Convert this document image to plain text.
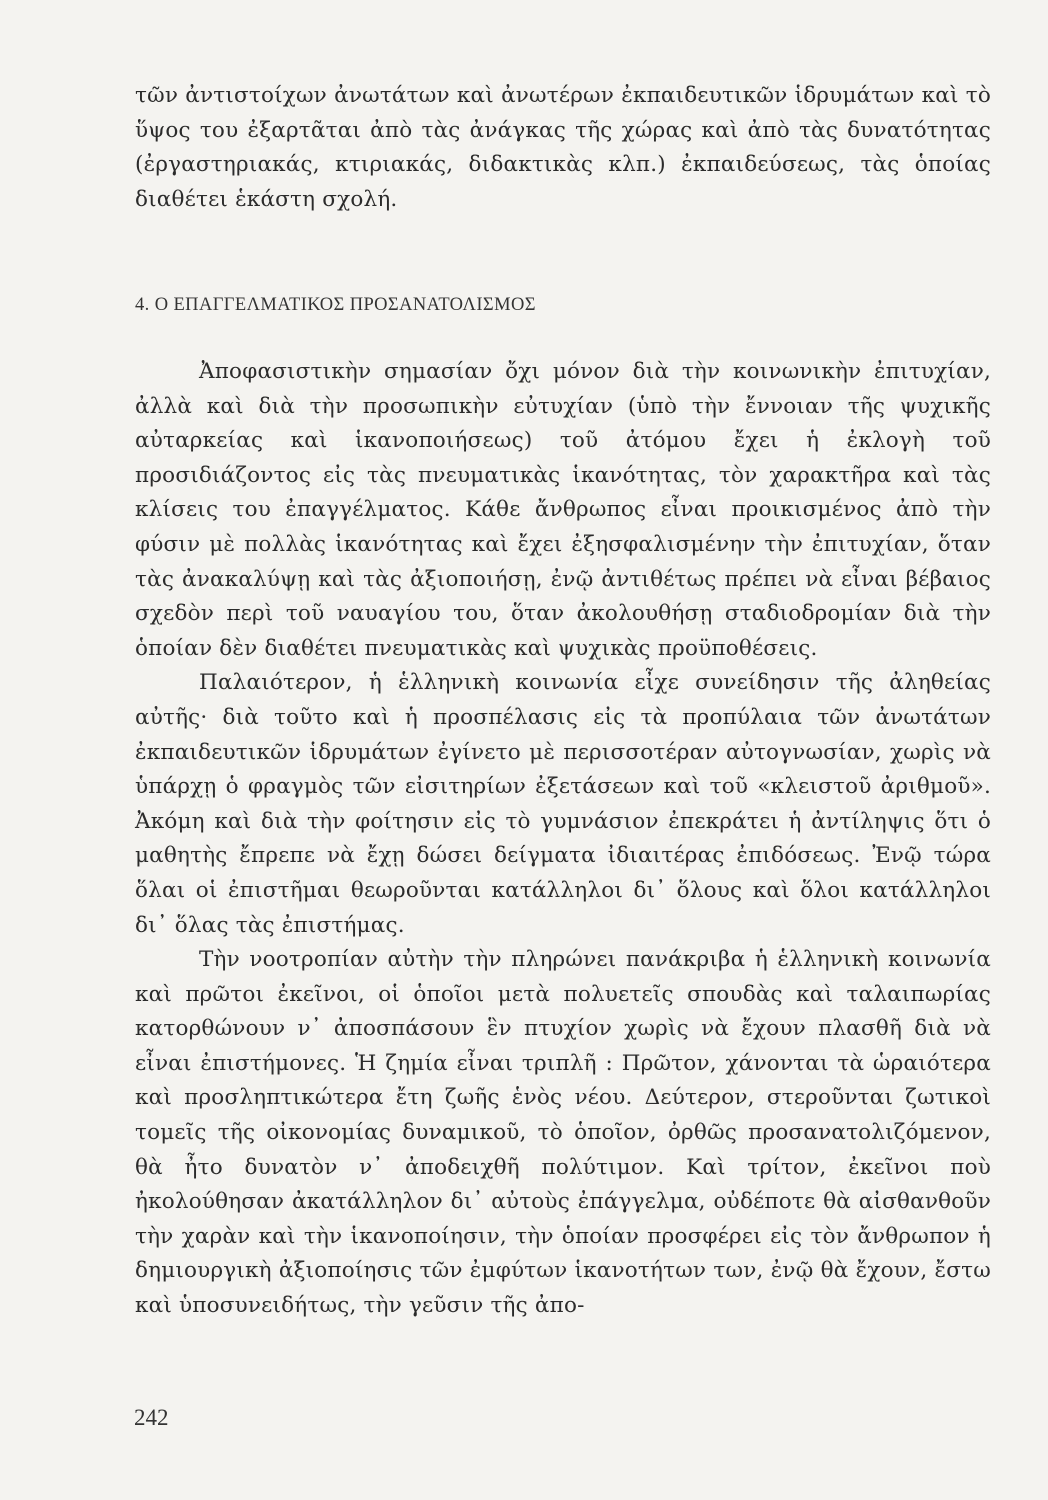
τῶν ἀντιστοίχων ἀνωτάτων καὶ ἀνωτέρων ἐκπαιδευτικῶν ἱδρυμάτων καὶ τὸ ὕψος του ἐξαρτᾶται ἀπὸ τὰς ἀνάγκας τῆς χώρας καὶ ἀπὸ τὰς δυνατότητας (ἐργαστηριακάς, κτιριακάς, διδακτικὰς κλπ.) ἐκπαιδεύσεως, τὰς ὁποίας διαθέτει ἑκάστη σχολή.

4. Ο ΕΠΑΓΓΕΛΜΑΤΙΚΟΣ ΠΡΟΣΑΝΑΤΟΛΙΣΜΟΣ

Ἀποφασιστικὴν σημασίαν ὄχι μόνον διὰ τὴν κοινωνικὴν ἐπιτυχίαν, ἀλλὰ καὶ διὰ τὴν προσωπικὴν εὐτυχίαν (ὑπὸ τὴν ἔννοιαν τῆς ψυχικῆς αὐταρκείας καὶ ἱκανοποιήσεως) τοῦ ἀτόμου ἔχει ἡ ἐκλογὴ τοῦ προσιδιάζοντος εἰς τὰς πνευματικὰς ἱκανότητας, τὸν χαρακτῆρα καὶ τὰς κλίσεις του ἐπαγγέλματος. Κάθε ἄνθρωπος εἶναι προικισμένος ἀπὸ τὴν φύσιν μὲ πολλὰς ἱκανότητας καὶ ἔχει ἐξησφαλισμένην τὴν ἐπιτυχίαν, ὅταν τὰς ἀνακαλύψῃ καὶ τὰς ἀξιοποιήσῃ, ἐνῷ ἀντιθέτως πρέπει νὰ εἶναι βέβαιος σχεδὸν περὶ τοῦ ναυαγίου του, ὅταν ἀκολουθήσῃ σταδιοδρομίαν διὰ τὴν ὁποίαν δὲν διαθέτει πνευματικὰς καὶ ψυχικὰς προϋποθέσεις.

Παλαιότερον, ἡ ἑλληνικὴ κοινωνία εἶχε συνείδησιν τῆς ἀληθείας αὐτῆς· διὰ τοῦτο καὶ ἡ προσπέλασις εἰς τὰ προπύλαια τῶν ἀνωτάτων ἐκπαιδευτικῶν ἱδρυμάτων ἐγίνετο μὲ περισσοτέραν αὐτογνωσίαν, χωρὶς νὰ ὑπάρχῃ ὁ φραγμὸς τῶν εἰσιτηρίων ἐξετάσεων καὶ τοῦ «κλειστοῦ ἀριθμοῦ». Ἀκόμη καὶ διὰ τὴν φοίτησιν εἰς τὸ γυμνάσιον ἐπεκράτει ἡ ἀντίληψις ὅτι ὁ μαθητὴς ἔπρεπε νὰ ἔχῃ δώσει δείγματα ἰδιαιτέρας ἐπιδόσεως. Ἐνῷ τώρα ὅλαι οἱ ἐπιστῆμαι θεωροῦνται κατάλληλοι δι᾿ ὅλους καὶ ὅλοι κατάλληλοι δι᾿ ὅλας τὰς ἐπιστήμας.

Τὴν νοοτροπίαν αὐτὴν τὴν πληρώνει πανάκριβα ἡ ἑλληνικὴ κοινωνία καὶ πρῶτοι ἐκεῖνοι, οἱ ὁποῖοι μετὰ πολυετεῖς σπουδὰς καὶ ταλαιπωρίας κατορθώνουν ν᾿ ἀποσπάσουν ἓν πτυχίον χωρὶς νὰ ἔχουν πλασθῆ διὰ νὰ εἶναι ἐπιστήμονες. Ἡ ζημία εἶναι τριπλῆ : Πρῶτον, χάνονται τὰ ὡραιότερα καὶ προσληπτικώτερα ἔτη ζωῆς ἑνὸς νέου. Δεύτερον, στεροῦνται ζωτικοὶ τομεῖς τῆς οἰκονομίας δυναμικοῦ, τὸ ὁποῖον, ὀρθῶς προσανατολιζόμενον, θὰ ἦτο δυνατὸν ν᾿ ἀποδειχθῆ πολύτιμον. Καὶ τρίτον, ἐκεῖνοι ποὺ ἠκολούθησαν ἀκατάλληλον δι᾿ αὐτοὺς ἐπάγγελμα, οὐδέποτε θὰ αἰσθανθοῦν τὴν χαρὰν καὶ τὴν ἱκανοποίησιν, τὴν ὁποίαν προσφέρει εἰς τὸν ἄνθρωπον ἡ δημιουργικὴ ἀξιοποίησις τῶν ἐμφύτων ἱκανοτήτων των, ἐνῷ θὰ ἔχουν, ἔστω καὶ ὑποσυνειδήτως, τὴν γεῦσιν τῆς ἀπο-

242
